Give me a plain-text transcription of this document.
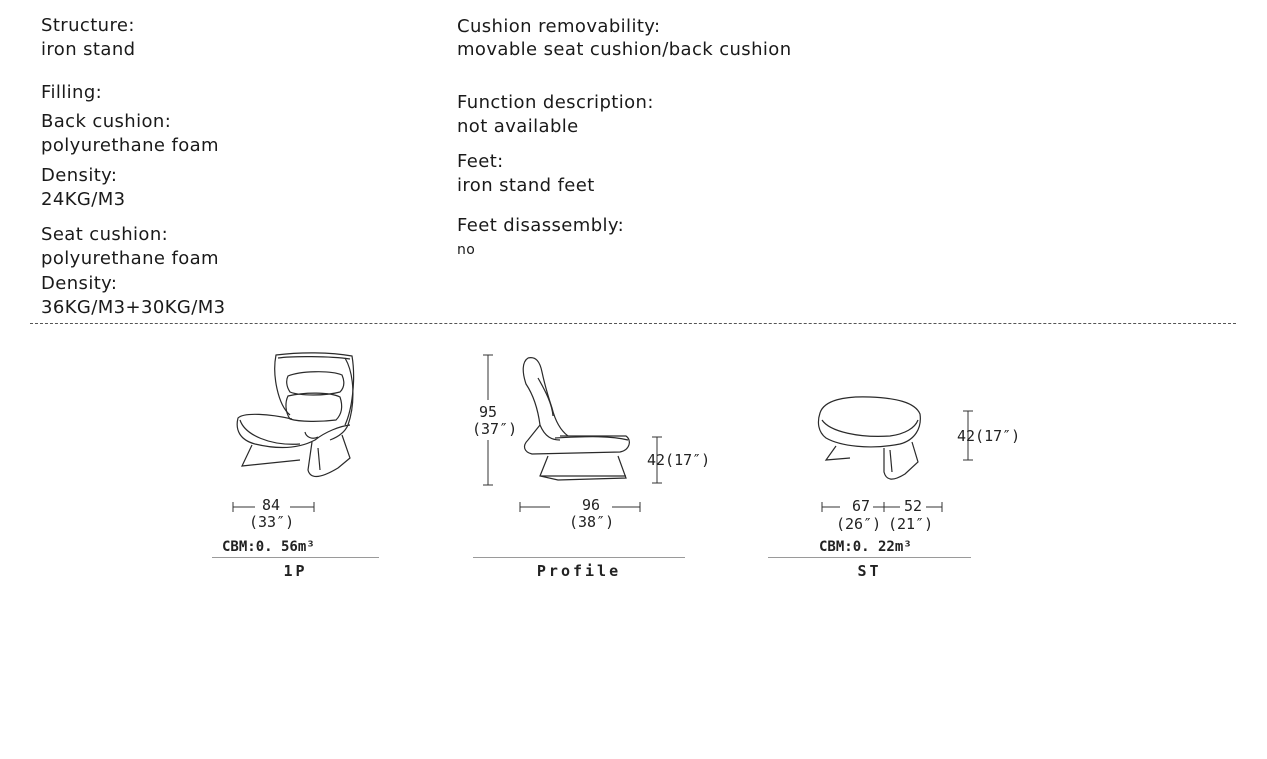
Structure:
iron stand
Filling:
Back cushion:
polyurethane foam
Density:
24KG/M3
Seat cushion:
polyurethane foam
Density:
36KG/M3+30KG/M3
Cushion removability:
movable seat cushion/back cushion
Function description:
not available
Feet:
iron stand feet
Feet disassembly:
no
84
(33″)
CBM:0. 56m³
1P
95
(37″)
42(17″)
96
(38″)
Profile
42(17″)
67
(26″)
52
(21″)
CBM:0. 22m³
ST
